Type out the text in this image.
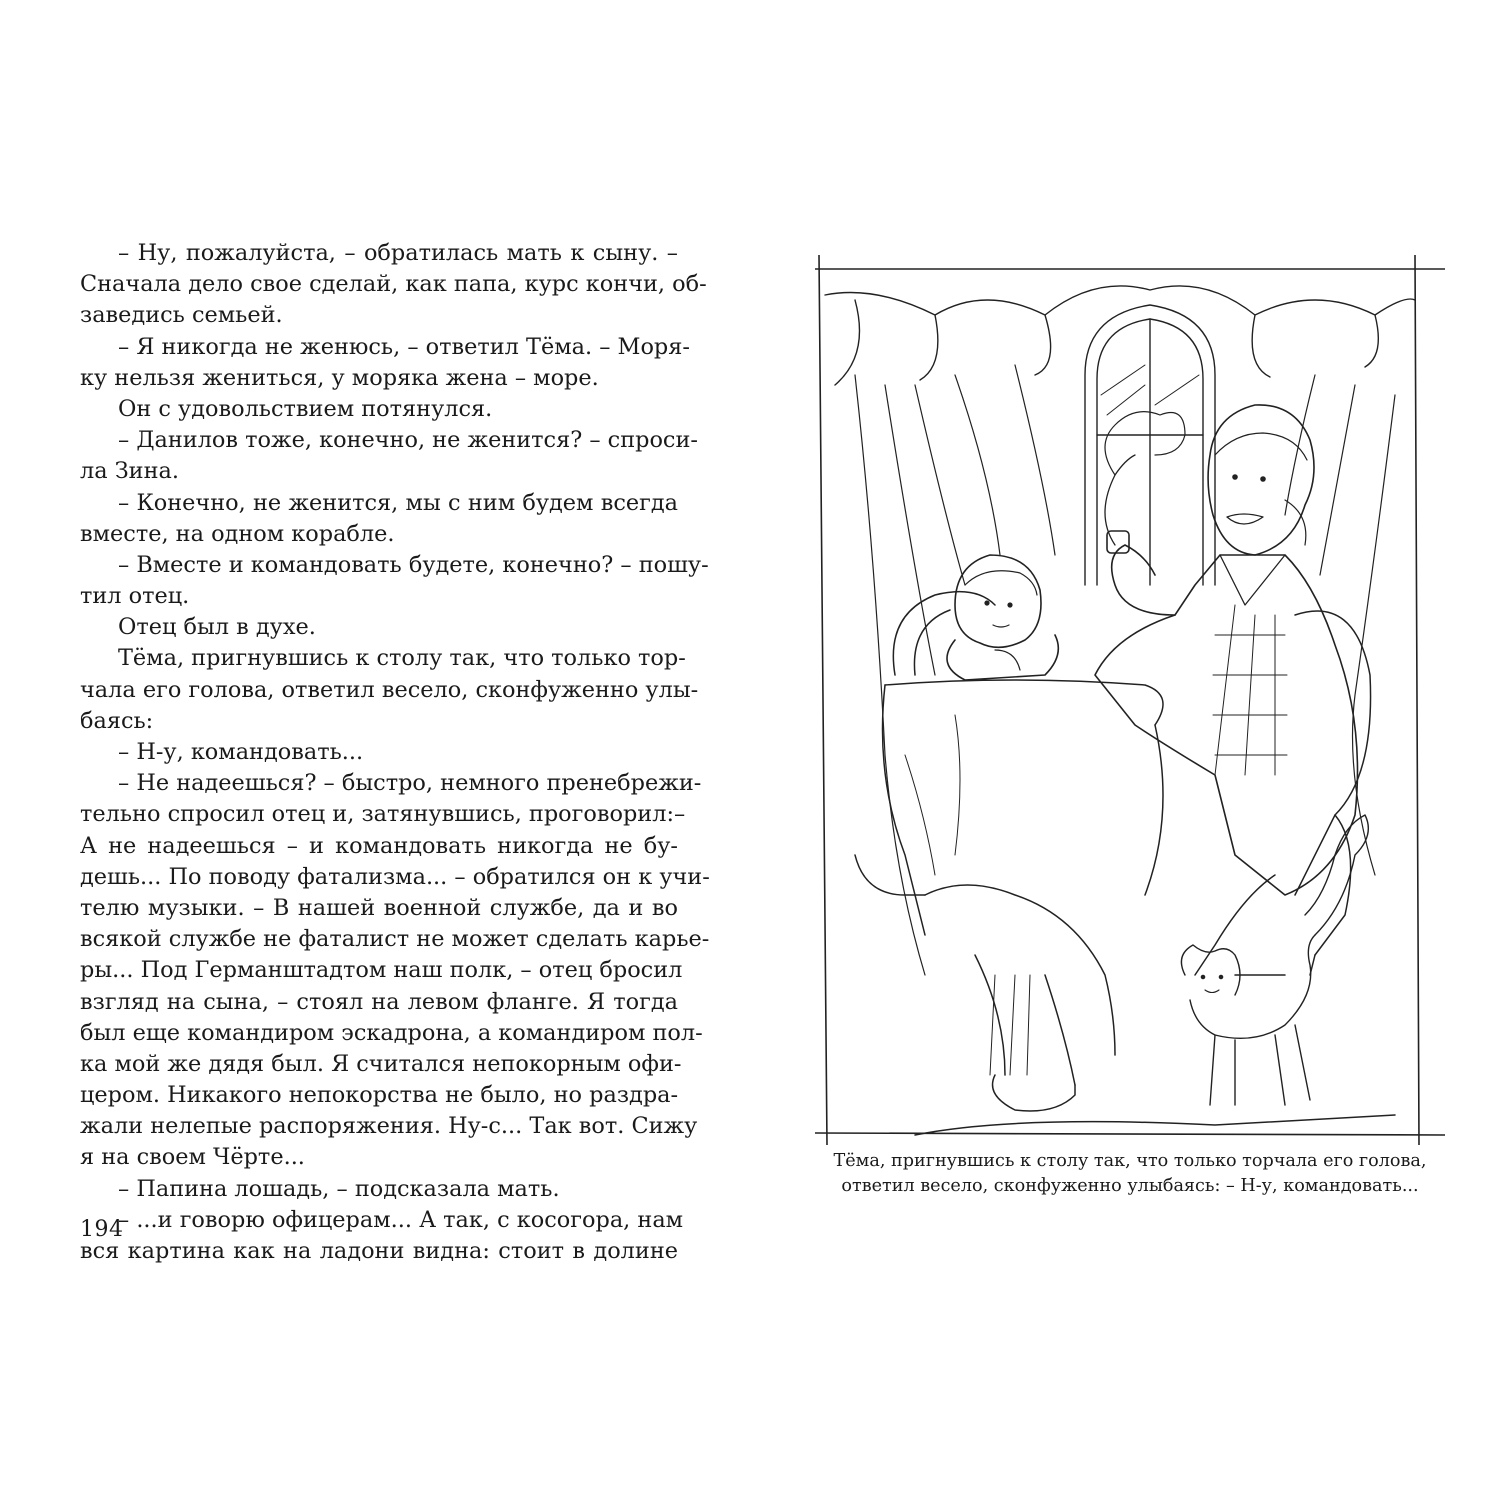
– Ну, пожалуйста, – обратилась мать к сыну. –
Сначала дело свое сделай, как папа, курс кончи, об-
заведись семьей.
– Я никогда не женюсь, – ответил Тёма. – Моря-
ку нельзя жениться, у моряка жена – море.
Он с удовольствием потянулся.
– Данилов тоже, конечно, не женится? – спроси-
ла Зина.
– Конечно, не женится, мы с ним будем всегда
вместе, на одном корабле.
– Вместе и командовать будете, конечно? – пошу-
тил отец.
Отец был в духе.
Тёма, пригнувшись к столу так, что только тор-
чала его голова, ответил весело, сконфуженно улы-
баясь:
– Н-у, командовать...
– Не надеешься? – быстро, немного пренебрежи-
тельно спросил отец и, затянувшись, проговорил:–
А не надеешься – и командовать никогда не бу-
дешь... По поводу фатализма... – обратился он к учи-
телю музыки. – В нашей военной службе, да и во
всякой службе не фаталист не может сделать карье-
ры... Под Германштадтом наш полк, – отец бросил
взгляд на сына, – стоял на левом фланге. Я тогда
был еще командиром эскадрона, а командиром пол-
ка мой же дядя был. Я считался непокорным офи-
цером. Никакого непокорства не было, но раздра-
жали нелепые распоряжения. Ну-с... Так вот. Сижу
я на своем Чёрте...
– Папина лошадь, – подсказала мать.
– ...и говорю офицерам... А так, с косогора, нам
вся картина как на ладони видна: стоит в долине
194
Тёма, пригнувшись к столу так, что только торчала его голова,
ответил весело, сконфуженно улыбаясь: – Н-у, командовать...
